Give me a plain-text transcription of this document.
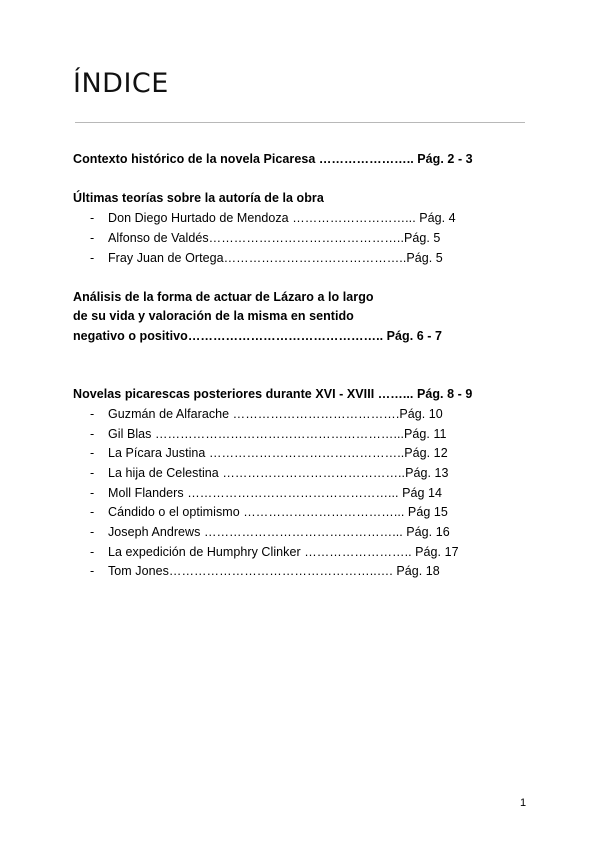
ÍNDICE
Contexto histórico de la novela Picaresa ………………….. Pág. 2 - 3
Últimas teorías sobre la autoría de la obra
- Don Diego Hurtado de Mendoza ………………………... Pág. 4
- Alfonso de Valdés………………………………………..Pág. 5
- Fray Juan de Ortega……………………………………..Pág. 5
Análisis de la forma de actuar de Lázaro a lo largo
de su vida y valoración de la misma en sentido
negativo o positivo……………………………………….. Pág. 6 - 7
Novelas picarescas posteriores durante XVI - XVIII ……... Pág. 8 - 9
- Guzmán de Alfarache ………………………………….Pág. 10
- Gil Blas …………………………………………………...Pág. 11
- La Pícara Justina ………………………………………..Pág. 12
- La hija de Celestina ……………………………………..Pág. 13
- Moll Flanders …………………………………………... Pág 14
- Cándido o el optimismo ………………………………... Pág 15
- Joseph Andrews ………………………………………... Pág. 16
- La expedición de Humphry Clinker …………………….. Pág. 17
- Tom Jones…………………………………………..…. Pág. 18
1
